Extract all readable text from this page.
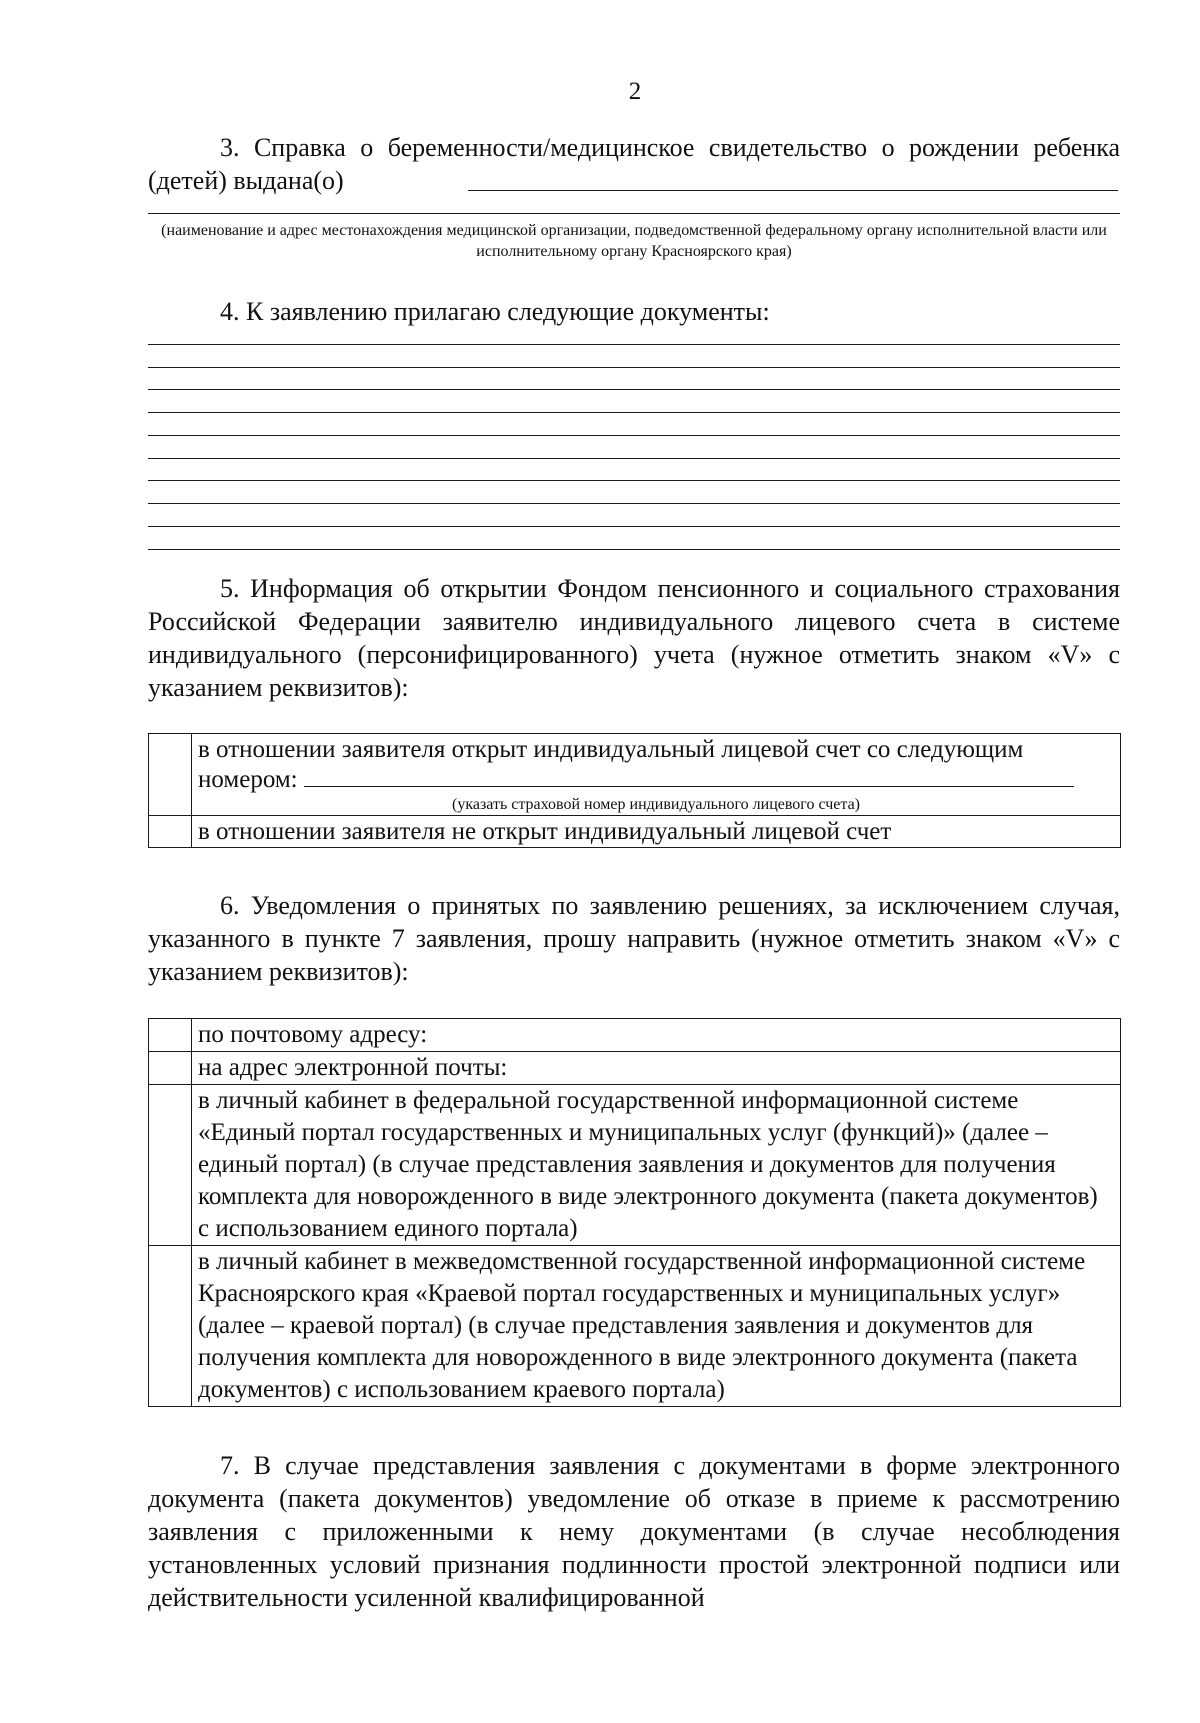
2
3. Справка о беременности/медицинское свидетельство о рождении ребенка (детей) выдана(о)
(наименование и адрес местонахождения медицинской организации, подведомственной федеральному органу исполнительной власти или исполнительному органу Красноярского края)
4. К заявлению прилагаю следующие документы:
5. Информация об открытии Фондом пенсионного и социального страхования Российской Федерации заявителю индивидуального лицевого счета в системе индивидуального (персонифицированного) учета (нужное отметить знаком «V» с указанием реквизитов):

	в отношении заявителя открыт индивидуальный лицевой счет со следующим
номером:
(указать страховой номер индивидуального лицевого счета)

	в отношении заявителя не открыт индивидуальный лицевой счет
6. Уведомления о принятых по заявлению решениях, за исключением случая, указанного в пункте 7 заявления, прошу направить (нужное отметить знаком «V» с указанием реквизитов):
	по почтовому адресу:
	на адрес электронной почты:
	в личный кабинет в федеральной государственной информационной системе «Единый портал государственных и муниципальных услуг (функций)» (далее – единый портал) (в случае представления заявления и документов для получения комплекта для новорожденного в виде электронного документа (пакета документов) с использованием единого портала)
	в личный кабинет в межведомственной государственной информационной системе Красноярского края «Краевой портал государственных и муниципальных услуг» (далее – краевой портал) (в случае представления заявления и документов для получения комплекта для новорожденного в виде электронного документа (пакета документов) с использованием краевого портала)
7. В случае представления заявления с документами в форме электронного документа (пакета документов) уведомление об отказе в приеме к рассмотрению заявления с приложенными к нему документами (в случае несоблюдения установленных условий признания подлинности простой электронной подписи или действительности усиленной квалифицированной
